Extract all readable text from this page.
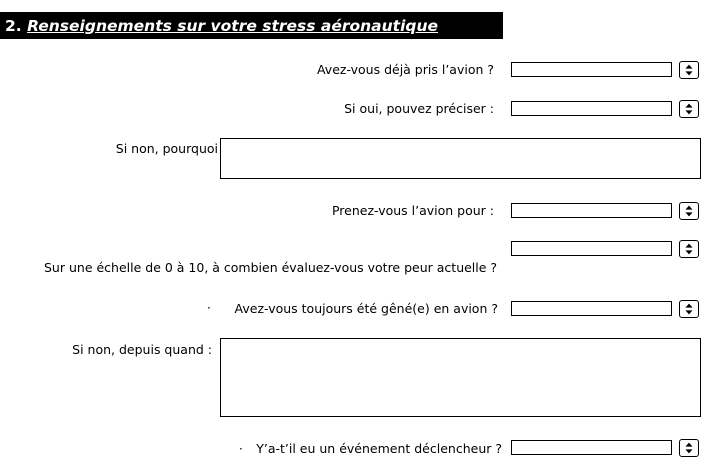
2. Renseignements sur votre stress aéronautique
Avez-vous déjà pris l’avion ?
Si oui, pouvez préciser :
Si non, pourquoi
Prenez-vous l’avion pour :
Sur une échelle de 0 à 10, à combien évaluez-vous votre peur actuelle ?
· Avez-vous toujours été gêné(e) en avion ?
Si non, depuis quand :
· Y’a-t’il eu un événement déclencheur ?
